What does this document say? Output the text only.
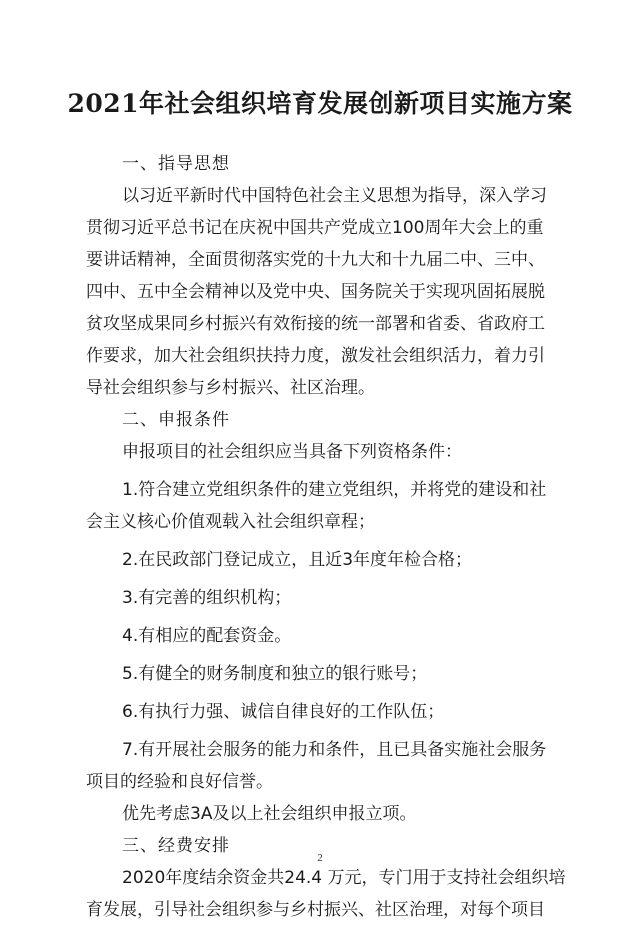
2021年社会组织培育发展创新项目实施方案
一、指导思想
以习近平新时代中国特色社会主义思想为指导，深入学习
贯彻习近平总书记在庆祝中国共产党成立100周年大会上的重
要讲话精神，全面贯彻落实党的十九大和十九届二中、三中、
四中、五中全会精神以及党中央、国务院关于实现巩固拓展脱
贫攻坚成果同乡村振兴有效衔接的统一部署和省委、省政府工
作要求，加大社会组织扶持力度，激发社会组织活力，着力引
导社会组织参与乡村振兴、社区治理。
二、申报条件
申报项目的社会组织应当具备下列资格条件：
1.符合建立党组织条件的建立党组织，并将党的建设和社
会主义核心价值观载入社会组织章程；
2.在民政部门登记成立，且近3年度年检合格；
3.有完善的组织机构；
4.有相应的配套资金。
5.有健全的财务制度和独立的银行账号；
6.有执行力强、诚信自律良好的工作队伍；
7.有开展社会服务的能力和条件，且已具备实施社会服务
项目的经验和良好信誉。
优先考虑3A及以上社会组织申报立项。
三、经费安排
2020年度结余资金共24.4 万元，专门用于支持社会组织培
育发展，引导社会组织参与乡村振兴、社区治理，对每个项目
2
